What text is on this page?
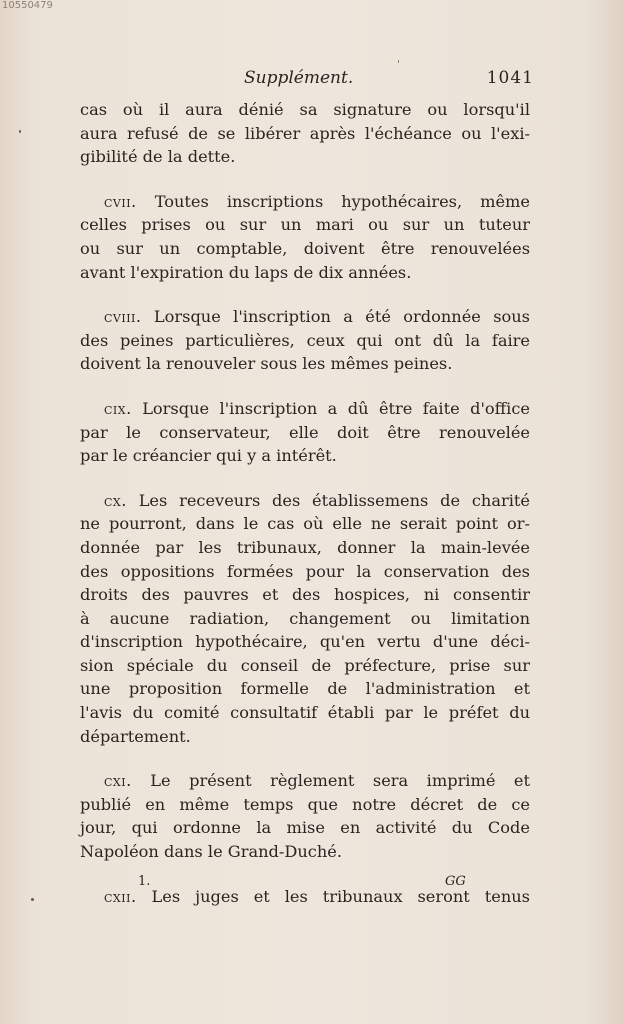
10550479
Supplément.	1041
cas où il aura dénié sa signature ou lorsqu'il
aura refusé de se libérer après l'échéance ou l'exi-
gibilité de la dette.
cvii. Toutes inscriptions hypothécaires, même
celles prises ou sur un mari ou sur un tuteur
ou sur un comptable, doivent être renouvelées
avant l'expiration du laps de dix années.
cviii. Lorsque l'inscription a été ordonnée sous
des peines particulières, ceux qui ont dû la faire
doivent la renouveler sous les mêmes peines.
cix. Lorsque l'inscription a dû être faite d'office
par le conservateur, elle doit être renouvelée
par le créancier qui y a intérêt.
cx. Les receveurs des établissemens de charité
ne pourront, dans le cas où elle ne serait point or-
donnée par les tribunaux, donner la main-levée
des oppositions formées pour la conservation des
droits des pauvres et des hospices, ni consentir
à aucune radiation, changement ou limitation
d'inscription hypothécaire, qu'en vertu d'une déci-
sion spéciale du conseil de préfecture, prise sur
une proposition formelle de l'administration et
l'avis du comité consultatif établi par le préfet du
département.
cxi. Le présent règlement sera imprimé et
publié en même temps que notre décret de ce
jour, qui ordonne la mise en activité du Code
Napoléon dans le Grand-Duché.
cxii. Les juges et les tribunaux seront tenus
1.	GG
